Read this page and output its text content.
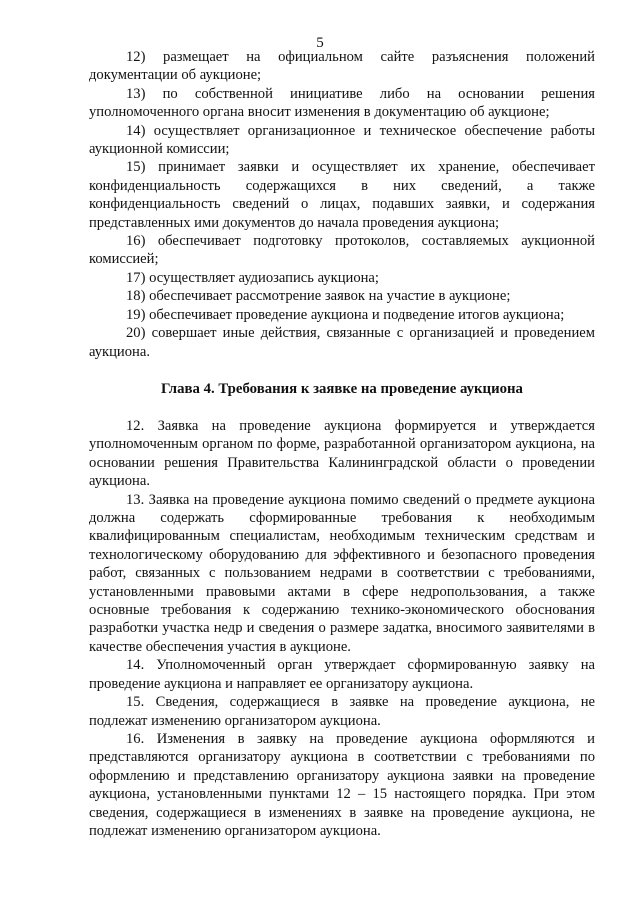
5

12) размещает на официальном сайте разъяснения положений документации об аукционе;

13) по собственной инициативе либо на основании решения уполномоченного органа вносит изменения в документацию об аукционе;

14) осуществляет организационное и техническое обеспечение работы аукционной комиссии;

15) принимает заявки и осуществляет их хранение, обеспечивает конфиденциальность содержащихся в них сведений, а также конфиденциальность сведений о лицах, подавших заявки, и содержания представленных ими документов до начала проведения аукциона;

16) обеспечивает подготовку протоколов, составляемых аукционной комиссией;

17) осуществляет аудиозапись аукциона;

18) обеспечивает рассмотрение заявок на участие в аукционе;

19) обеспечивает проведение аукциона и подведение итогов аукциона;

20) совершает иные действия, связанные с организацией и проведением аукциона.

Глава 4. Требования к заявке на проведение аукциона

12. Заявка на проведение аукциона формируется и утверждается уполномоченным органом по форме, разработанной организатором аукциона, на основании решения Правительства Калининградской области о проведении аукциона.

13. Заявка на проведение аукциона помимо сведений о предмете аукциона должна содержать сформированные требования к необходимым квалифицированным специалистам, необходимым техническим средствам и технологическому оборудованию для эффективного и безопасного проведения работ, связанных с пользованием недрами в соответствии с требованиями, установленными правовыми актами в сфере недропользования, а также основные требования к содержанию технико-экономического обоснования разработки участка недр и сведения о размере задатка, вносимого заявителями в качестве обеспечения участия в аукционе.

14. Уполномоченный орган утверждает сформированную заявку на проведение аукциона и направляет ее организатору аукциона.

15. Сведения, содержащиеся в заявке на проведение аукциона, не подлежат изменению организатором аукциона.

16. Изменения в заявку на проведение аукциона оформляются и представляются организатору аукциона в соответствии с требованиями по оформлению и представлению организатору аукциона заявки на проведение аукциона, установленными пунктами 12 – 15 настоящего порядка. При этом сведения, содержащиеся в изменениях в заявке на проведение аукциона, не подлежат изменению организатором аукциона.
